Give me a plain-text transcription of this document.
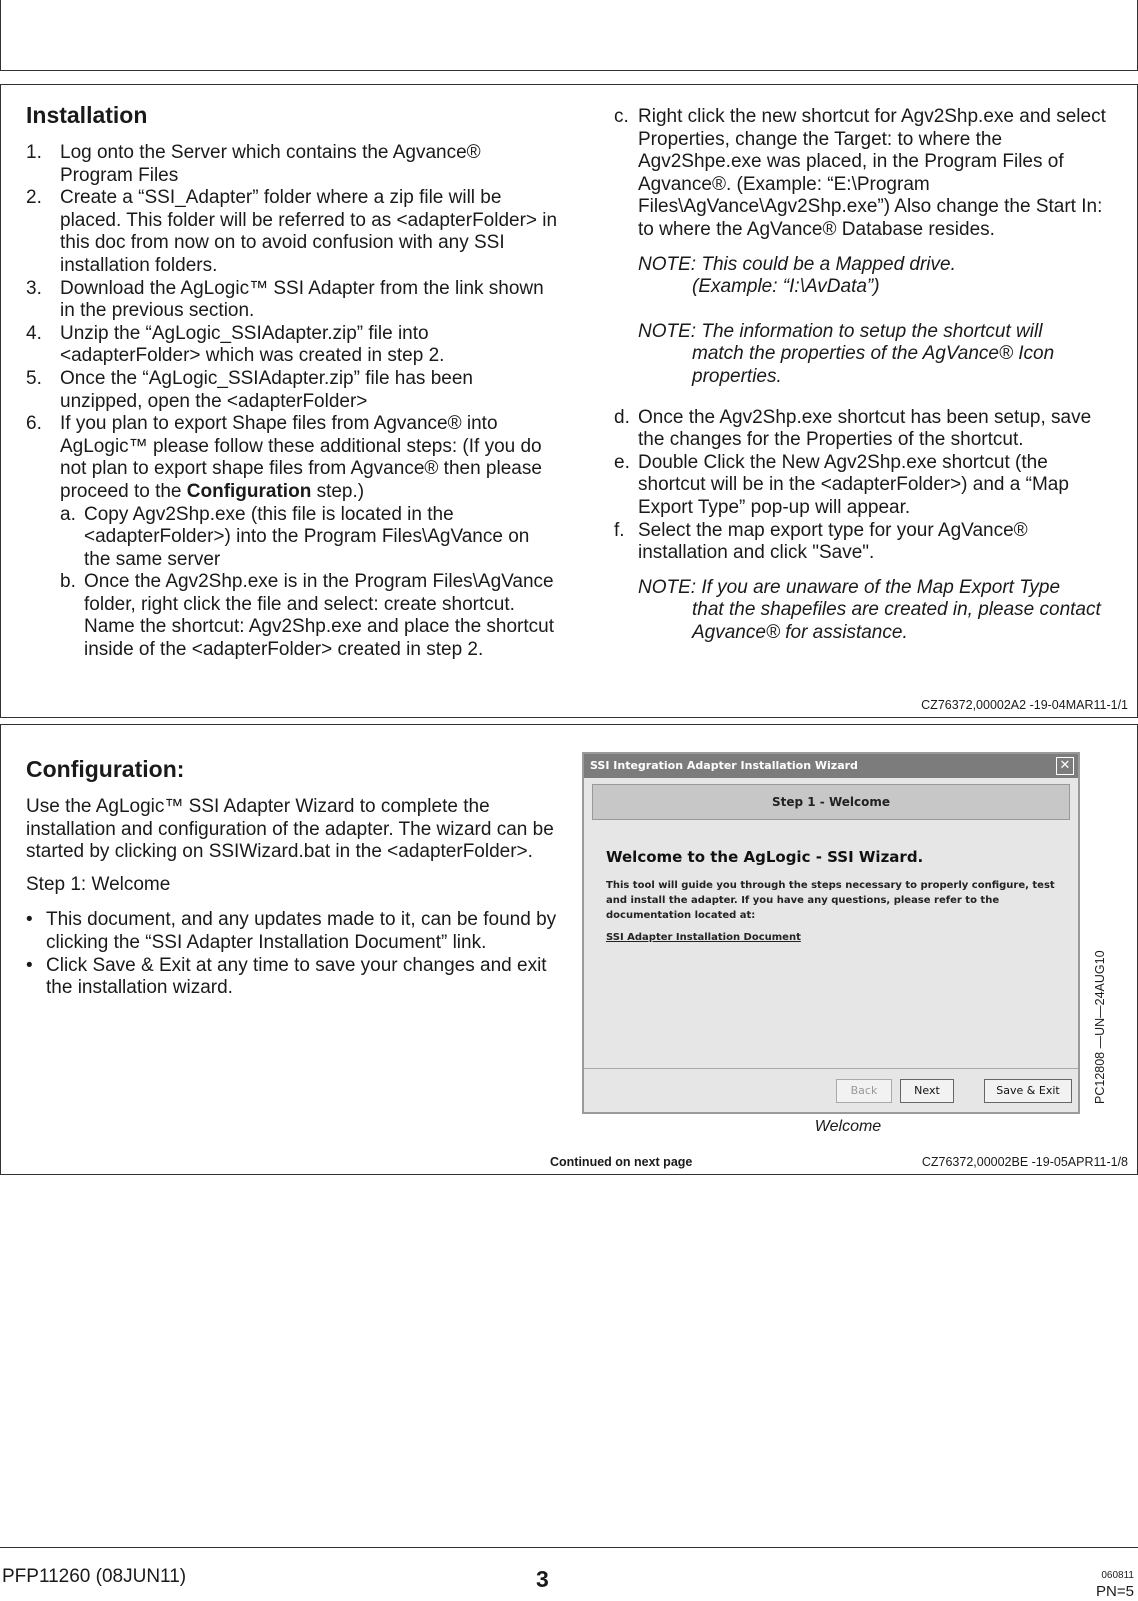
Installation
1. Log onto the Server which contains the Agvance® Program Files
2. Create a “SSI_Adapter” folder where a zip file will be placed. This folder will be referred to as <adapterFolder> in this doc from now on to avoid confusion with any SSI installation folders.
3. Download the AgLogic™ SSI Adapter from the link shown in the previous section.
4. Unzip the “AgLogic_SSIAdapter.zip” file into <adapterFolder> which was created in step 2.
5. Once the “AgLogic_SSIAdapter.zip” file has been unzipped, open the <adapterFolder>
6. If you plan to export Shape files from Agvance® into AgLogic™ please follow these additional steps: (If you do not plan to export shape files from Agvance® then please proceed to the Configuration step.)
a. Copy Agv2Shp.exe (this file is located in the <adapterFolder>) into the Program Files\AgVance on the same server
b. Once the Agv2Shp.exe is in the Program Files\AgVance folder, right click the file and select: create shortcut. Name the shortcut: Agv2Shp.exe and place the shortcut inside of the <adapterFolder> created in step 2.
c. Right click the new shortcut for Agv2Shp.exe and select Properties, change the Target: to where the Agv2Shpe.exe was placed, in the Program Files of Agvance®. (Example: “E:\Program Files\AgVance\Agv2Shp.exe”) Also change the Start In: to where the AgVance® Database resides.
NOTE: This could be a Mapped drive.
(Example: “I:\AvData”)
NOTE: The information to setup the shortcut will
match the properties of the AgVance® Icon properties.
d. Once the Agv2Shp.exe shortcut has been setup, save the changes for the Properties of the shortcut.
e. Double Click the New Agv2Shp.exe shortcut (the shortcut will be in the <adapterFolder>) and a “Map Export Type” pop-up will appear.
f. Select the map export type for your AgVance® installation and click "Save".
NOTE: If you are unaware of the Map Export Type
that the shapefiles are created in, please contact Agvance® for assistance.
CZ76372,00002A2 -19-04MAR11-1/1
Configuration:

Use the AgLogic™ SSI Adapter Wizard to complete the installation and configuration of the adapter. The wizard can be started by clicking on SSIWizard.bat in the <adapterFolder>.

Step 1: Welcome

• This document, and any updates made to it, can be found by clicking the “SSI Adapter Installation Document” link.
• Click Save & Exit at any time to save your changes and exit the installation wizard.
SSI Integration Adapter Installation Wizard	✕
Step 1 - Welcome
Welcome to the AgLogic - SSI Wizard.
This tool will guide you through the steps necessary to properly configure, test and install the adapter. If you have any questions, please refer to the documentation located at:
SSI Adapter Installation Document
Back	Next	Save & Exit	PC12808 —UN—24AUG10
Welcome
Continued on next page	CZ76372,00002BE -19-05APR11-1/8
PFP11260 (08JUN11)	3	060811
PN=5
